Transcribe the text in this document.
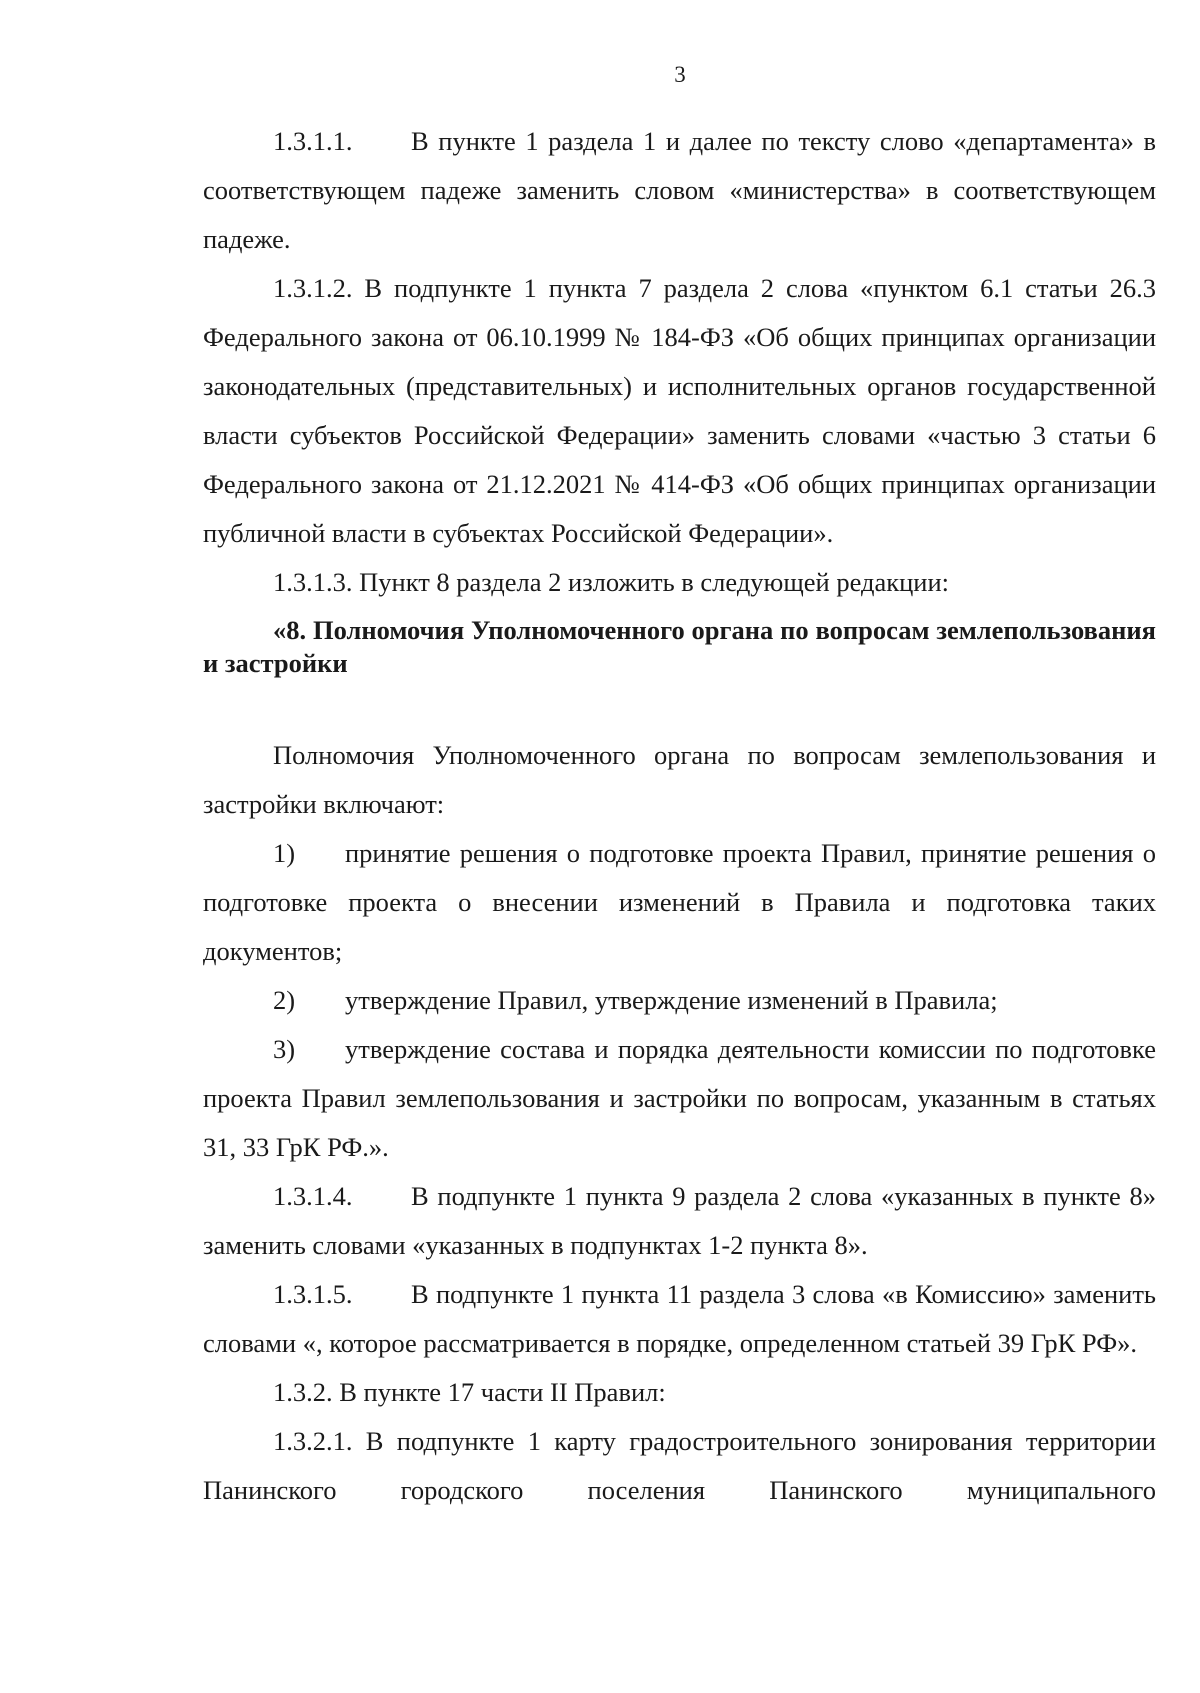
3

1.3.1.1. В пункте 1 раздела 1 и далее по тексту слово «департамента» в соответствующем падеже заменить словом «министерства» в соответствующем падеже.

1.3.1.2. В подпункте 1 пункта 7 раздела 2 слова «пунктом 6.1 статьи 26.3 Федерального закона от 06.10.1999 № 184-ФЗ «Об общих принципах организации законодательных (представительных) и исполнительных органов государственной власти субъектов Российской Федерации» заменить словами «частью 3 статьи 6 Федерального закона от 21.12.2021 № 414-ФЗ «Об общих принципах организации публичной власти в субъектах Российской Федерации».

1.3.1.3. Пункт 8 раздела 2 изложить в следующей редакции:

«8. Полномочия Уполномоченного органа по вопросам землепользования и застройки

Полномочия Уполномоченного органа по вопросам землепользования и застройки включают:

1) принятие решения о подготовке проекта Правил, принятие решения о подготовке проекта о внесении изменений в Правила и подготовка таких документов;

2) утверждение Правил, утверждение изменений в Правила;

3) утверждение состава и порядка деятельности комиссии по подготовке проекта Правил землепользования и застройки по вопросам, указанным в статьях 31, 33 ГрК РФ.».

1.3.1.4. В подпункте 1 пункта 9 раздела 2 слова «указанных в пункте 8» заменить словами «указанных в подпунктах 1-2 пункта 8».

1.3.1.5. В подпункте 1 пункта 11 раздела 3 слова «в Комиссию» заменить словами «, которое рассматривается в порядке, определенном статьей 39 ГрК РФ».

1.3.2. В пункте 17 части II Правил:

1.3.2.1. В подпункте 1 карту градостроительного зонирования территории Панинского городского поселения Панинского муниципального
